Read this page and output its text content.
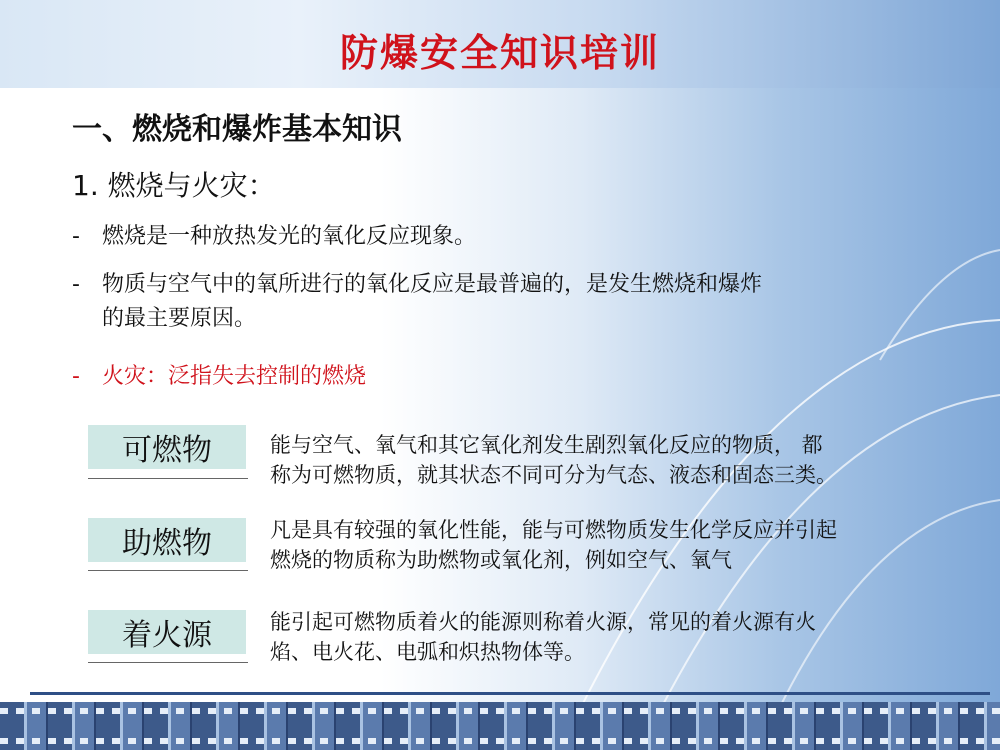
防爆安全知识培训
一、燃烧和爆炸基本知识
1. 燃烧与火灾：
- 燃烧是一种放热发光的氧化反应现象。
- 物质与空气中的氧所进行的氧化反应是最普遍的，是发生燃烧和爆炸
的最主要原因。
- 火灾：泛指失去控制的燃烧
可燃物	能与空气、氧气和其它氧化剂发生剧烈氧化反应的物质， 都
称为可燃物质，就其状态不同可分为气态、液态和固态三类。
助燃物	凡是具有较强的氧化性能，能与可燃物质发生化学反应并引起
燃烧的物质称为助燃物或氧化剂，例如空气、氧气
着火源	能引起可燃物质着火的能源则称着火源，常见的着火源有火
焰、电火花、电弧和炽热物体等。
